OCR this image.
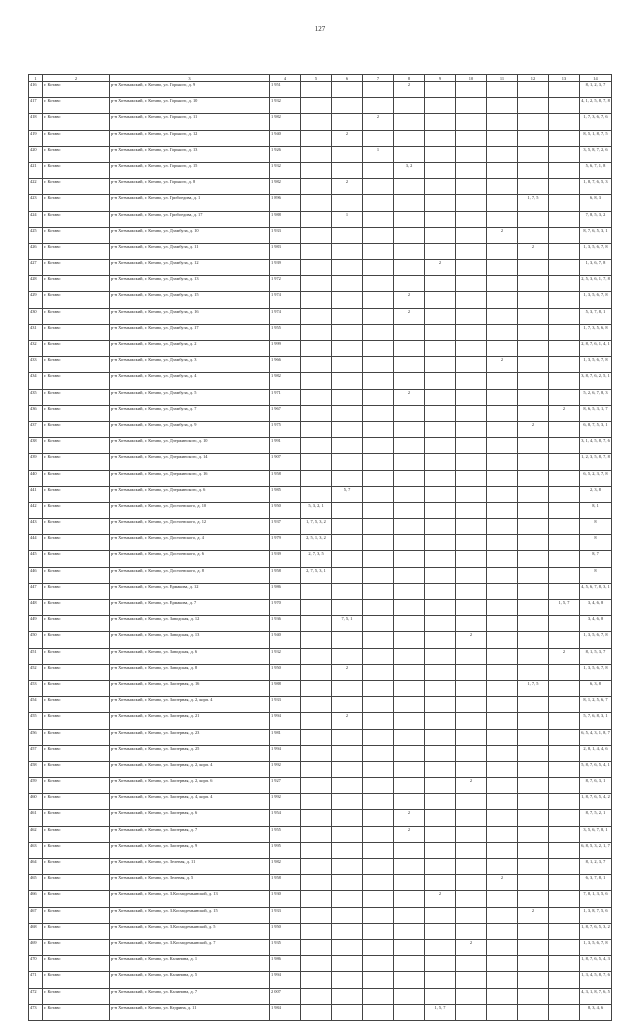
127
1	2	3	4	5	6	7	8	9	10	11	12	13	14
416	г. Котаво	р-н Хотмыжский, г. Котаво, ул. Горького, д. 9	1 951				2						8, 1, 2, 3, 7
417	г. Котаво	р-н Хотмыжский, г. Котаво, ул. Горького, д. 10	1 932										4, 1, 2, 5, 8, 7, 8
418	г. Котаво	р-н Хотмыжский, г. Котаво, ул. Горького, д. 11	1 982			2							1, 7, 3, 6, 7, 6
419	г. Котаво	р-н Хотмыжский, г. Котаво, ул. Горького, д. 12	1 940		2								8, 5, 1, 8, 7, 5
420	г. Котаво	р-н Хотмыжский, г. Котаво, ул. Горького, д. 13	1 926			1							3, 5, 8, 7, 2, 6
421	г. Котаво	р-н Хотмыжский, г. Котаво, ул. Горького, д. 15	1 932				3, 2						5, 6, 7, 1, 8
422	г. Котаво	р-н Хотмыжский, г. Котаво, ул. Горького, д. 8	1 982		2								1, 8, 7, 6, 5, 3
423	г. Котаво	р-н Хотмыжский, г. Котаво, ул. Грибоедова, д. 1	1 896								1, 7, 5		6, 8, 3
424	г. Котаво	р-н Хотмыжский, г. Котаво, ул. Грибоедова, д. 17	1 988		1								7, 8, 5, 3, 2
425	г. Котаво	р-н Хотмыжский, г. Котаво, ул. Дзамбула, д. 10	1 933							2			8, 7, 6, 5, 3, 1
426	г. Котаво	р-н Хотмыжский, г. Котаво, ул. Дзамбула, д. 11	1 983								2		1, 3, 5, 6, 7, 8
427	г. Котаво	р-н Хотмыжский, г. Котаво, ул. Дзамбула, д. 12	1 939					2					1, 3, 6, 7, 8
428	г. Котаво	р-н Хотмыжский, г. Котаво, ул. Дзамбула, д. 13	1 972										2, 5, 3, 6, 1, 7, 8
429	г. Котаво	р-н Хотмыжский, г. Котаво, ул. Дзамбула, д. 15	1 974				2						1, 3, 5, 6, 7, 8
430	г. Котаво	р-н Хотмыжский, г. Котаво, ул. Дзамбула, д. 16	1 974				2						5, 3, 7, 8, 1
431	г. Котаво	р-н Хотмыжский, г. Котаво, ул. Дзамбула, д. 17	1 955										1, 7, 3, 5, 6, 8
432	г. Котаво	р-н Хотмыжский, г. Котаво, ул. Дзамбула, д. 2	1 999										2, 8, 7, 6, 1, 4, 1
433	г. Котаво	р-н Хотмыжский, г. Котаво, ул. Дзамбула, д. 3	1 966							2			1, 3, 5, 6, 7, 8
434	г. Котаво	р-н Хотмыжский, г. Котаво, ул. Дзамбула, д. 4	1 982										3, 8, 7, 6, 2, 5, 1
435	г. Котаво	р-н Хотмыжский, г. Котаво, ул. Дзамбула, д. 5	1 971				2						5, 2, 6, 7, 8, 3
436	г. Котаво	р-н Хотмыжский, г. Котаво, ул. Дзамбула, д. 7	1 967									2	8, 6, 5, 3, 1, 7
437	г. Котаво	р-н Хотмыжский, г. Котаво, ул. Дзамбула, д. 9	1 975								2		6, 8, 7, 5, 3, 1
438	г. Котаво	р-н Хотмыжский, г. Котаво, ул. Дзержинского, д. 10	1 991										3, 1, 4, 5, 8, 7, 6
439	г. Котаво	р-н Хотмыжский, г. Котаво, ул. Дзержинского, д. 14	1 907										1, 2, 3, 5, 8, 7, 8
440	г. Котаво	р-н Хотмыжский, г. Котаво, ул. Дзержинского, д. 16	1 958										6, 5, 2, 3, 7, 8
441	г. Котаво	р-н Хотмыжский, г. Котаво, ул. Дзержинского, д. 6	1 985		5, 7								2, 3, 8
442	г. Котаво	р-н Хотмыжский, г. Котаво, ул. Достоевского, д. 10	1 950	5, 3, 2, 1									8, 1
443	г. Котаво	р-н Хотмыжский, г. Котаво, ул. Достоевского, д. 12	1 937	1, 7, 5, 3, 2									8
444	г. Котаво	р-н Хотмыжский, г. Котаво, ул. Достоевского, д. 4	1 979	2, 5, 1, 3, 2									8
445	г. Котаво	р-н Хотмыжский, г. Котаво, ул. Достоевского, д. 6	1 939	2, 7, 3, 5									8, 7
446	г. Котаво	р-н Хотмыжский, г. Котаво, ул. Достоевского, д. 8	1 958	2, 7, 5, 3, 1									8
447	г. Котаво	р-н Хотмыжский, г. Котаво, ул. Ермакова, д. 12	1 986										4, 5, 6, 7, 8, 3, 1
448	г. Котаво	р-н Хотмыжский, г. Котаво, ул. Ермакова, д. 7	1 970									1, 5, 7	3, 4, 6, 8
449	г. Котаво	р-н Хотмыжский, г. Котаво, ул. Заводская, д. 12	1 936		7, 5, 1								3, 4, 6, 8
450	г. Котаво	р-н Хотмыжский, г. Котаво, ул. Заводская, д. 13	1 940						2				1, 3, 5, 6, 7, 8
451	г. Котаво	р-н Хотмыжский, г. Котаво, ул. Заводская, д. 6	1 932									2	8, 1, 5, 3, 7
452	г. Котаво	р-н Хотмыжский, г. Котаво, ул. Заводская, д. 8	1 950		2								1, 3, 5, 6, 7, 8
453	г. Котаво	р-н Хотмыжский, г. Котаво, ул. Заозерная, д. 16	1 988								1, 7, 5		6, 3, 8
454	г. Котаво	р-н Хотмыжский, г. Котаво, ул. Заозерная, д. 2, корп. 4	1 933										8, 1, 2, 5, 6, 7
455	г. Котаво	р-н Хотмыжский, г. Котаво, ул. Заозерная, д. 21	1 994		2								5, 7, 6, 8, 3, 1
456	г. Котаво	р-н Хотмыжский, г. Котаво, ул. Заозерная, д. 23	1 981										6, 5, 4, 3, 1, 8, 7
457	г. Котаво	р-н Хотмыжский, г. Котаво, ул. Заозерная, д. 25	1 994										2, 8, 1, 4, 4, 6
458	г. Котаво	р-н Хотмыжский, г. Котаво, ул. Заозерная, д. 2, корп. 4	1 992										5, 8, 7, 6, 5, 4, 1
459	г. Котаво	р-н Хотмыжский, г. Котаво, ул. Заозерная, д. 2, корп. 6	1 927						2				8, 7, 6, 3, 1
460	г. Котаво	р-н Хотмыжский, г. Котаво, ул. Заозерная, д. 4, корп. 4	1 992										1, 8, 7, 6, 5, 4, 2
461	г. Котаво	р-н Хотмыжский, г. Котаво, ул. Заозерная, д. 6	1 954				2						8, 7, 5, 2, 1
462	г. Котаво	р-н Хотмыжский, г. Котаво, ул. Заозерная, д. 7	1 955				2						3, 5, 6, 7, 8, 1
463	г. Котаво	р-н Хотмыжский, г. Котаво, ул. Заозерная, д. 9	1 995										6, 8, 5, 3, 2, 1, 7
464	г. Котаво	р-н Хотмыжский, г. Котаво, ул. Зеленая, д. 11	1 982										8, 1, 2, 3, 7
465	г. Котаво	р-н Хотмыжский, г. Котаво, ул. Зеленая, д. 5	1 958							2			6, 3, 7, 8, 1
466	г. Котаво	р-н Хотмыжский, г. Котаво, ул. З.Космодемьянской, д. 13	1 930					2					7, 8, 1, 3, 5, 6
467	г. Котаво	р-н Хотмыжский, г. Котаво, ул. З.Космодемьянской, д. 15	1 933								2		1, 3, 8, 7, 5, 6
468	г. Котаво	р-н Хотмыжский, г. Котаво, ул. З.Космодемьянской, д. 5	1 950										1, 8, 7, 6, 5, 3, 2
469	г. Котаво	р-н Хотмыжский, г. Котаво, ул. З.Космодемьянской, д. 7	1 935						2				1, 3, 5, 6, 7, 8
470	г. Котаво	р-н Хотмыжский, г. Котаво, ул. Калинина, д. 1	1 986										1, 8, 7, 6, 5, 4, 3
471	г. Котаво	р-н Хотмыжский, г. Котаво, ул. Калинина, д. 5	1 994										1, 3, 4, 5, 8, 7, 6
472	г. Котаво	р-н Хотмыжский, г. Котаво, ул. Калинина, д. 7	2 007										4, 3, 1, 8, 7, 6, 5
473	г. Котаво	р-н Хотмыжский, г. Котаво, ул. Кедрина, д. 11	1 984					1, 5, 7					8, 3, 4, 6
